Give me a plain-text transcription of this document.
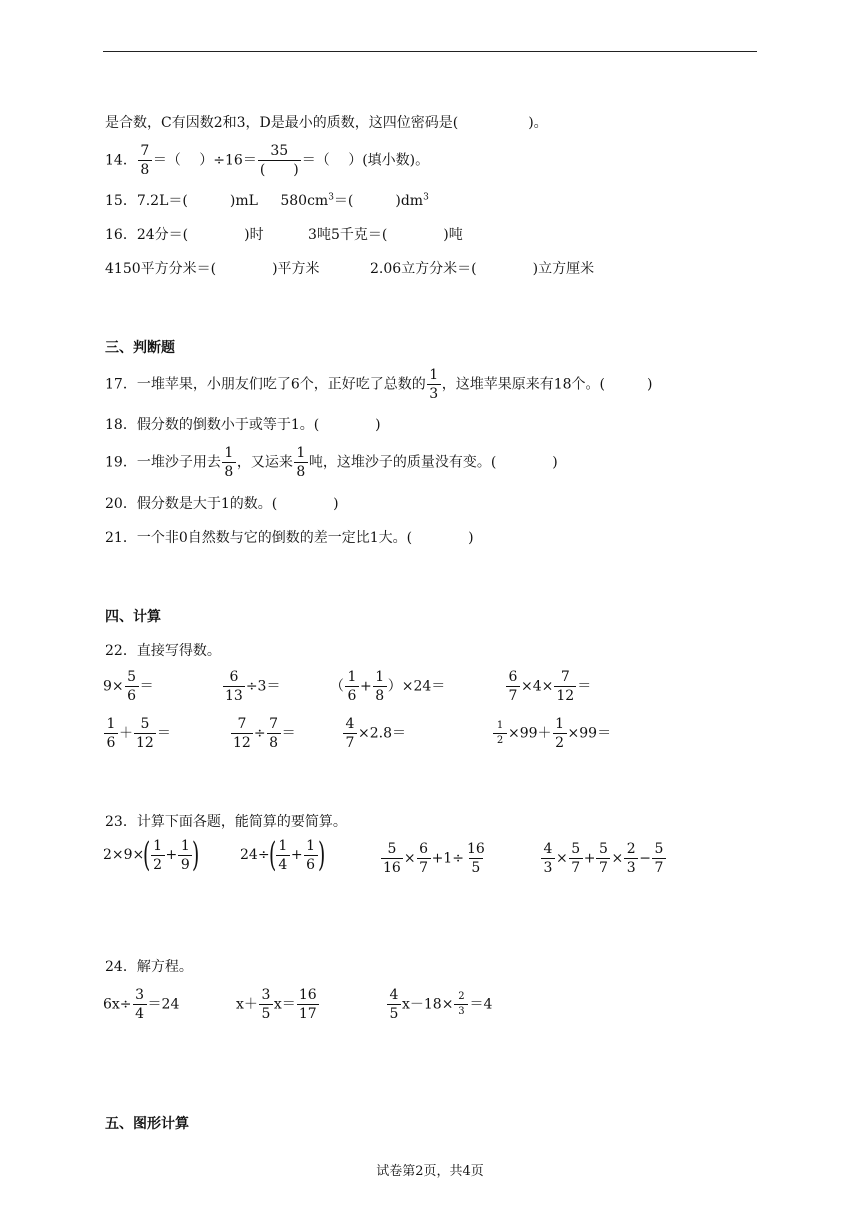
是合数，C有因数2和3，D是最小的质数，这四位密码是(　　　　　)。
14． $\frac{7}{8}$ ＝（　 ）÷16＝
35
(　　)
＝（　 ）(填小数)。
15．7.2L＝(　　　)mL $580cm^3=$(　　　)$dm^3$
16．24分＝(　　　　)时	3吨5千克＝(　　　　)吨
4150平方分米＝(　　　　)平方米	2.06立方分米＝(　　　　)立方厘米
三、判断题
17．一堆苹果，小朋友们吃了6个，正好吃了总数的 $\frac{1}{3}$ ，这堆苹果原来有18个。(　　　)
18．假分数的倒数小于或等于1。(　　　　)
19．一堆沙子用去 $\frac{1}{8}$ ，又运来 $\frac{1}{8}$ 吨，这堆沙子的质量没有变。(　　　　)
20．假分数是大于1的数。(　　　　)
21．一个非0自然数与它的倒数的差一定比1大。(　　　　)
四、计算
22．直接写得数。
$9\times \frac{5}{6}$ ＝	$\frac{6}{13} \div 3=$	（ $\frac{1}{6} + \frac{1}{8} )\times 24=$	$\frac{6}{7} \times 4\times \frac{7}{12}$ ＝
$\frac{1}{6} + \frac{5}{12}$ ＝	$\frac{7}{12} \div \frac{7}{8}$ ＝	$\frac{4}{7} \times 2.8=$	$\frac{1}{2} \times 99+ \frac{1}{2} \times 99=$
23．计算下面各题，能简算的要简算。
$2\times 9\times( \frac{1}{2} + \frac{1}{9}$ )	$24\div( \frac{1}{4} + \frac{1}{6}$ )	$\frac{5}{16} \times \frac{6}{7} +1\div \frac{16}{5}$	$\frac{4}{3} \times \frac{5}{7} + \frac{5}{7} \times \frac{2}{3} - \frac{5}{7}$
24．解方程。
$6x\div \frac{3}{4} =24$	$x+ \frac{3}{5} x= \frac{16}{17}$	$\frac{4}{5} x-18\times \frac{2}{3} =4$
五、图形计算
试卷第2页，共4页
